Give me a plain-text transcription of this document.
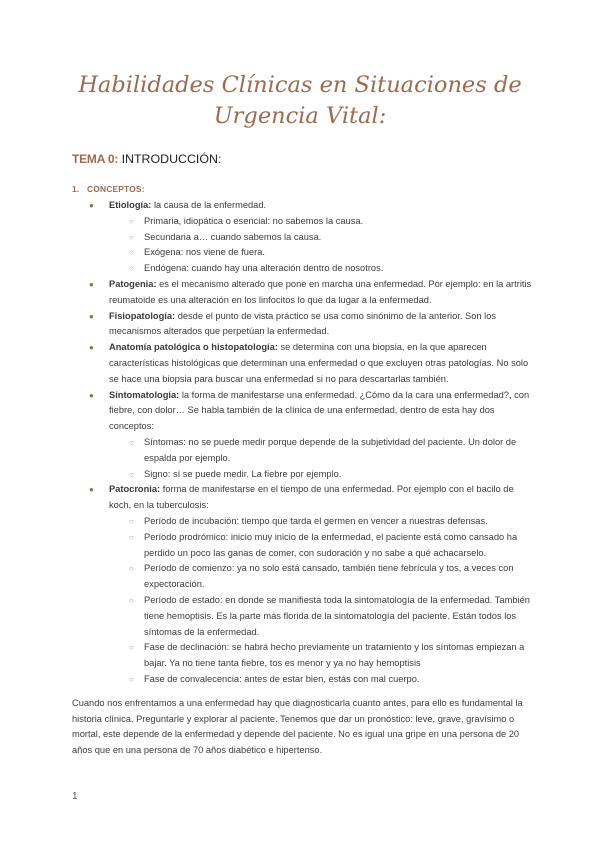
Habilidades Clínicas en Situaciones de Urgencia Vital:
TEMA 0: INTRODUCCIÓN:
1. CONCEPTOS:
● Etiología: la causa de la enfermedad.
○ Primaria, idiopática o esencial: no sabemos la causa.
○ Secundaria a… cuando sabemos la causa.
○ Exógena: nos viene de fuera.
○ Endógena: cuando hay una alteración dentro de nosotros.
● Patogenia: es el mecanismo alterado que pone en marcha una enfermedad. Por ejemplo: en la artritis reumatoide es una alteración en los linfocitos lo que da lugar a la enfermedad.
● Fisiopatología: desde el punto de vista práctico se usa como sinónimo de la anterior. Son los mecanismos alterados que perpetúan la enfermedad.
● Anatomía patológica o histopatología: se determina con una biopsia, en la que aparecen características histológicas que determinan una enfermedad o que excluyen otras patologías. No solo se hace una biopsia para buscar una enfermedad si no para descartarlas también.
● Sintomatología: la forma de manifestarse una enfermedad. ¿Cómo da la cara una enfermedad?, con fiebre, con dolor… Se habla también de la clínica de una enfermedad, dentro de esta hay dos conceptos:
○ Síntomas: no se puede medir porque depende de la subjetividad del paciente. Un dolor de espalda por ejemplo.
○ Signo: sí se puede medir. La fiebre por ejemplo.
● Patocronia: forma de manifestarse en el tiempo de una enfermedad. Por ejemplo con el bacilo de koch, en la tuberculosis:
○ Período de incubación: tiempo que tarda el germen en vencer a nuestras defensas.
○ Período prodrómico: inicio muy inicio de la enfermedad, el paciente está como cansado ha perdido un poco las ganas de comer, con sudoración y no sabe a qué achacarselo.
○ Período de comienzo: ya no solo está cansado, también tiene febrícula y tos, a veces con expectoración.
○ Período de estado: en donde se manifiesta toda la sintomatología de la enfermedad. También tiene hemoptisis. Es la parte más florida de la sintomatología del paciente. Están todos los síntomas de la enfermedad.
○ Fase de declinación: se habrá hecho previamente un tratamiento y los síntomas empiezan a bajar. Ya no tiene tanta fiebre, tos es menor y ya no hay hemoptisis
○ Fase de convalecencia: antes de estar bien, estás con mal cuerpo.

Cuando nos enfrentamos a una enfermedad hay que diagnosticarla cuanto antes, para ello es fundamental la historia clínica. Preguntarle y explorar al paciente. Tenemos que dar un pronóstico: leve, grave, gravísimo o mortal, este depende de la enfermedad y depende del paciente. No es igual una gripe en una persona de 20 años que en una persona de 70 años diabético e hipertenso.

1
